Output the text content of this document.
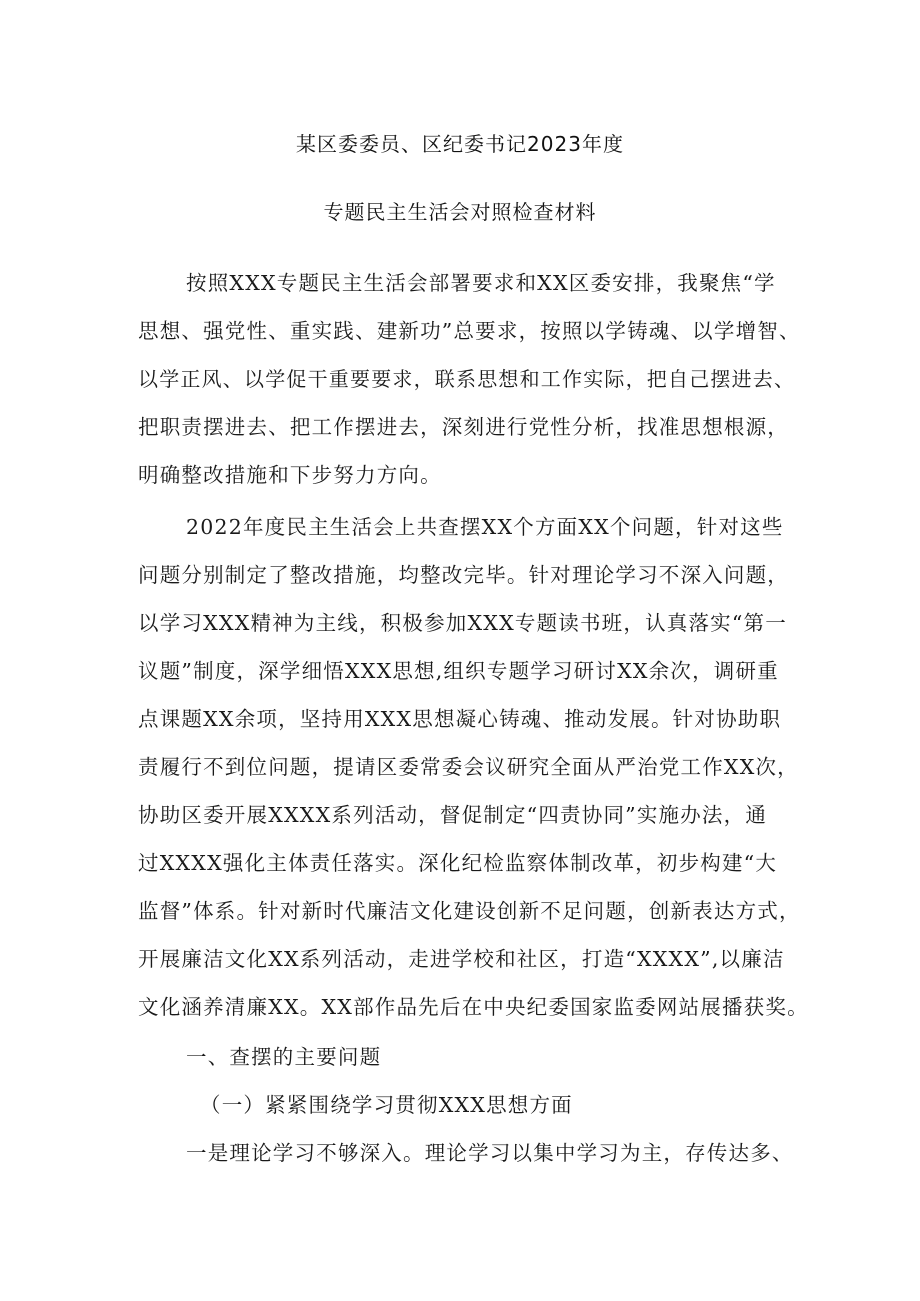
某区委委员、区纪委书记2023年度
专题民主生活会对照检查材料
按照XXX专题民主生活会部署要求和XX区委安排，我聚焦“学
思想、强党性、重实践、建新功”总要求，按照以学铸魂、以学增智、
以学正风、以学促干重要要求，联系思想和工作实际，把自己摆进去、
把职责摆进去、把工作摆进去，深刻进行党性分析，找准思想根源，
明确整改措施和下步努力方向。
2022年度民主生活会上共查摆XX个方面XX个问题，针对这些
问题分别制定了整改措施，均整改完毕。针对理论学习不深入问题，
以学习XXX精神为主线，积极参加XXX专题读书班，认真落实“第一
议题”制度，深学细悟XXX思想,组织专题学习研讨XX余次，调研重
点课题XX余项，坚持用XXX思想凝心铸魂、推动发展。针对协助职
责履行不到位问题，提请区委常委会议研究全面从严治党工作XX次，
协助区委开展XXXX系列活动，督促制定“四责协同”实施办法，通
过XXXX强化主体责任落实。深化纪检监察体制改革，初步构建“大
监督”体系。针对新时代廉洁文化建设创新不足问题，创新表达方式，
开展廉洁文化XX系列活动，走进学校和社区，打造“XXXX”,以廉洁
文化涵养清廉XX。XX部作品先后在中央纪委国家监委网站展播获奖。
一、查摆的主要问题
（一）紧紧围绕学习贯彻XXX思想方面
一是理论学习不够深入。理论学习以集中学习为主，存传达多、
